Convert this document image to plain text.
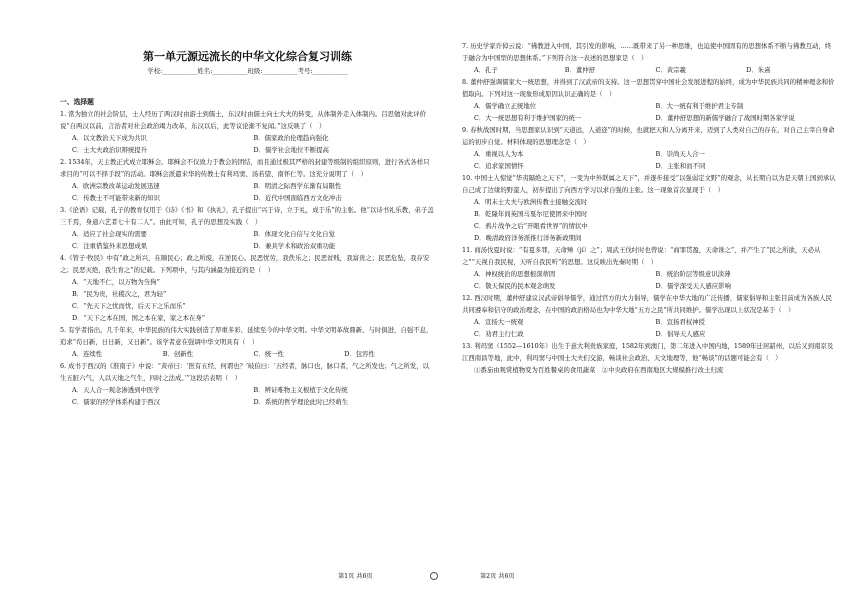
第一单元源远流长的中华文化综合复习训练
学校:___________姓名:___________班级:___________考号:___________
一、选择题
1. 當为独立的社会阶层，士人经历了两汉时由游士到儒士，东汉时由儒士向士大夫的转变，从体制外走入体制内。吕思勉对此评价说“自两汉以前，言治者对社会政治竭力改革，东汉以后，此等议论渐不复闻。”这反映了（　）
A．以文教治天下成为共识	B．儒家政治伦理趋向强化
C．士大夫政治识辩统提升	D．儒学社会地位不断提高
2. 1534年，天主教正式成立耶稣会。耶稣会不仅致力于教会的团结，而且通过极其严格的封建等级制的组织原则，进行各式各样只求目的“可以不择手段”的活动。耶稣会派遣来华的传教士有利玛窦、汤若望、南怀仁等。这充分说明了（　）
A．欧洲宗教改革运动发展迅速	B．明清之际西学东渐有局限性
C．传教士不可能带来新的知识	D．近代中国面临西方文化冲击
3.《论语》记载，孔子的教育仅用于《诗》《书》和《执礼》，孔子提出“兴于诗，立于礼，成于乐”的主张。他“以诗书礼乐教，弟子盖三千焉，身通六艺者七十有二人”。由此可知，孔子的思想及实践（　）
A．适应了社会现实的需要	B．体现文化自信与文化自觉
C．注重借鉴外来思想成果	D．兼具学术和政治双重功能
4.《管子·牧民》中有“政之所兴，在顺民心；政之所废，在逆民心。民恶忧劳，我佚乐之；民恶贫贱，我富贵之；民恶危坠，我存安之；民恶灭绝，我生育之”的记载。下列项中，与其内涵最为接近的是（　）
A．“天地不仁，以万物为刍狗”
B．“民为贵，社稷次之，君为轻”
C．“先天下之忧而忧，后天下之乐而乐”
D．“天下之本在国，国之本在家，家之本在身”
5. 有学者指出，几千年来，中华民族的伟大实践创造了厚重多彩、延续至今的中华文明。中华文明革故鼎新、与时俱进，自强不息，追求“苟日新，日日新，又日新”。该学者意在强调中华文明具有（　）
A．连续性	B．创新性	C．统一性	D．包容性
6. 成书于西汉的《淮南子》中说：“黄帝曰：‘医有五经，何谓也？’岐伯曰：‘五经者，脉口也，脉口者，气之所发也；气之所发，以生五脏六气，人以天地之气生，四时之法成。’”这段话表明（　）
A．天人合一观念渗透到中医学	B．辨证唯物主义根植于文化传统
C．儒家的经学体系构建于西汉	D．系统的哲学理论此时已经萌生
7. 历史学家许倬云说：“佛教进入中国，其引发的影响，……既带来了另一种思维，也迫使中国固有的思想体系不断与佛教互动，终于融合为中国型的思想体系。”下列符合这一表述的思想家是（　）
A．孔子	B．董仲舒	C．黄宗羲	D．朱熹
8. 董仲舒强调儒家大一统思想，并得到了汉武帝的支持。这一思想贯穿中国社会发展进程的始终，成为中华民族共同的精神理念和价值取向。下列对这一现象形成原因认识正确的是（　）
A．儒学确立正统地位	B．大一统有利于维护君主专制
C．大一统思想有利于维护国家的统一	D．董仲舒思想的新儒学融合了战国时期各家学说
9. 春秋战国时期，当思想家认识到“天道远，人道迩”的时候，也就把天和人分离开来，迈到了人类对自己的存在、对自己主宰自身命运的初步自觉。材料体现的思想理念是（　）
A．重视以人为本	B．崇尚天人合一
C．追求家国情怀	D．主张和而不同
10. 中国士人惊觉“华夷隔绝之天下”，一变为中外联属之天下”，并逐步接受“以强弱定文野”的观念，从长期自以为是天朝上国到承认自己成了边缘的野蛮人，初步提出了向西方学习以求自强的主张。这一现象首次显现于（　）
A．明末士大夫与欧洲传教士接触交流时
B．乾隆年间英国马戛尔尼使团来中国时
C．鸦片战争之后“开眼看世界”的情状中
D．晚清政府洋务派推行洋务新政期间
11. 商汤伐夏时说：“有夏多罪，天命殛（jí）之”；周武王伐纣时也曾说：“商罪贯盈，天命诛之”，并产生了“民之所欲，天必从之”“天视自我民视，天听自我民听”的思想。这反映出先秦时期（　）
A．神权统治的思想根深蒂固	B．统治阶层等级意识淡薄
C．敬天保民的民本观念萌发	D．儒学深受天人感应影响
12. 西汉时期，董仲舒建议汉武帝倡导儒学，通过官方的大力倡导，儒学在中华大地的广泛传播，儒家倡导和主张目前成为各族人民共同遵奉和信守的政治理念，在中国的政治格局也为中华大地“五方之民”所共同维护。儒学出现以上状况是基于（　）
A．宣扬大一统观	B．宣扬君权神授
C．劝君主行仁政	D．倡导天人感应
13. 利玛窦（1552—1610年）出生于意大利贵族家庭，1582年到澳门，第二年进入中国内地，1589年迁居韶州，以后又到南京及江西南昌等地，此中，利玛窦与中国士大夫们交游，畅谈社会政治、天文地理等，他“畅谈”的话题可能会有（　）
①番茄由观赏植物变为百姓餐桌的食用蔬菜　②中央政府在西南地区大规模推行改土归流
第1页 共6页	第2页 共6页
